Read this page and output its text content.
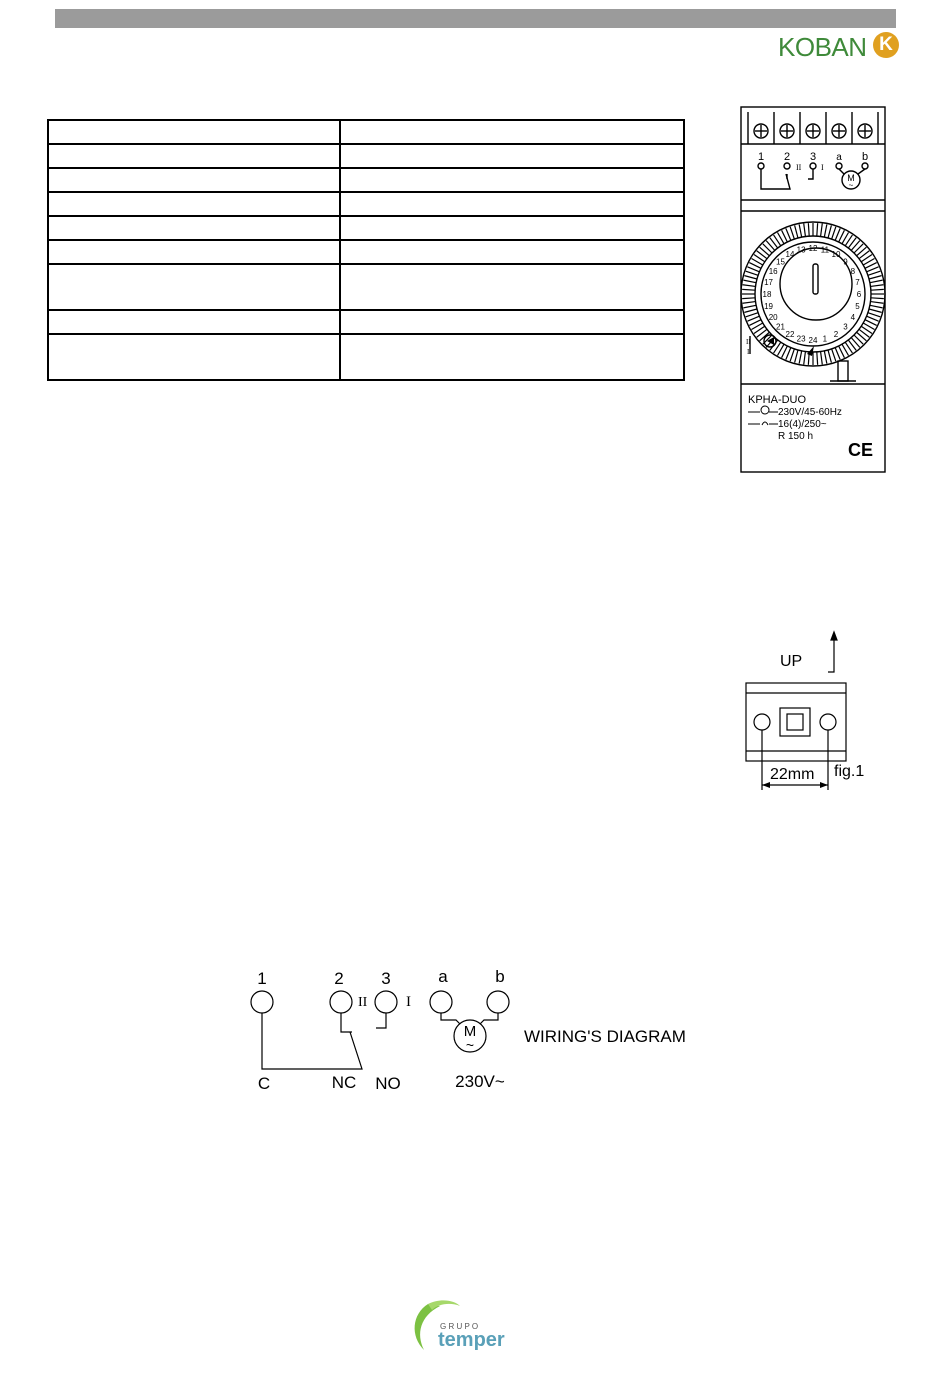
KOBAN K

1
2
3
4
5
6
7
8
9
10
11
12
13
14
15
16
17
18
19
20
21
22
23 24
1 2 3 a b
II I
M
~
II
I
KPHA-DUO
230V/45-60Hz
16(4)/250~
R 150 h
CE
UP
22mm fig.1
1	2 3	a	b
II	I
M
~
C	NC NO	230V~
WIRING'S DIAGRAM
G R U P O
temper
